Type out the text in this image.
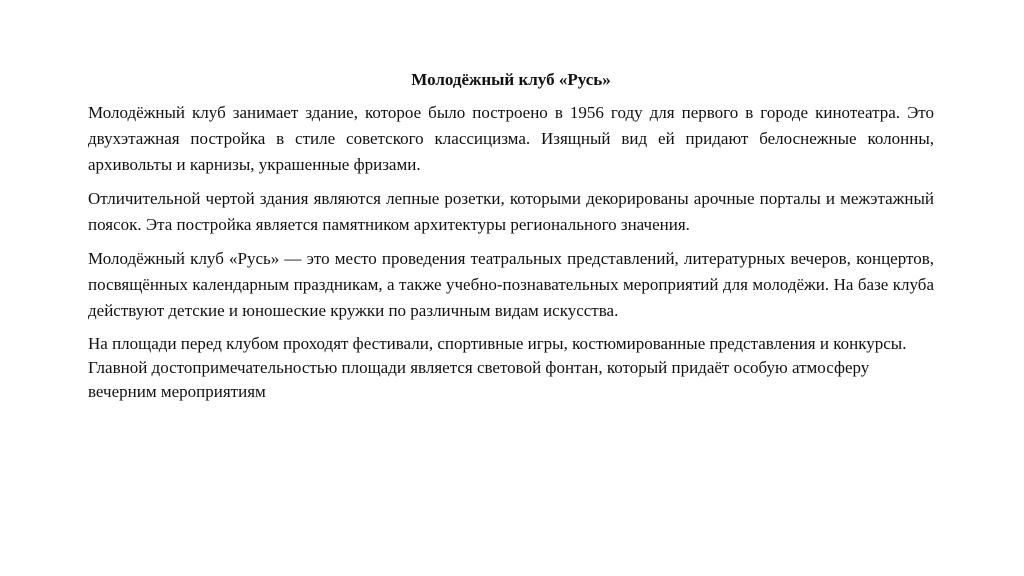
Молодёжный клуб «Русь»

Молодёжный клуб занимает здание, которое было построено в 1956 году для первого в городе кинотеатра. Это двухэтажная постройка в стиле советского классицизма. Изящный вид ей придают белоснежные колонны, архивольты и карнизы, украшенные фризами.

Отличительной чертой здания являются лепные розетки, которыми декорированы арочные порталы и межэтажный поясок. Эта постройка является памятником архитектуры регионального значения.

Молодёжный клуб «Русь» — это место проведения театральных представлений, литературных вечеров, концертов, посвящённых календарным праздникам, а также учебно-познавательных мероприятий для молодёжи. На базе клуба действуют детские и юношеские кружки по различным видам искусства.

На площади перед клубом проходят фестивали, спортивные игры, костюмированные представления и конкурсы. Главной достопримечательностью площади является световой фонтан, который придаёт особую атмосферу вечерним мероприятиям
